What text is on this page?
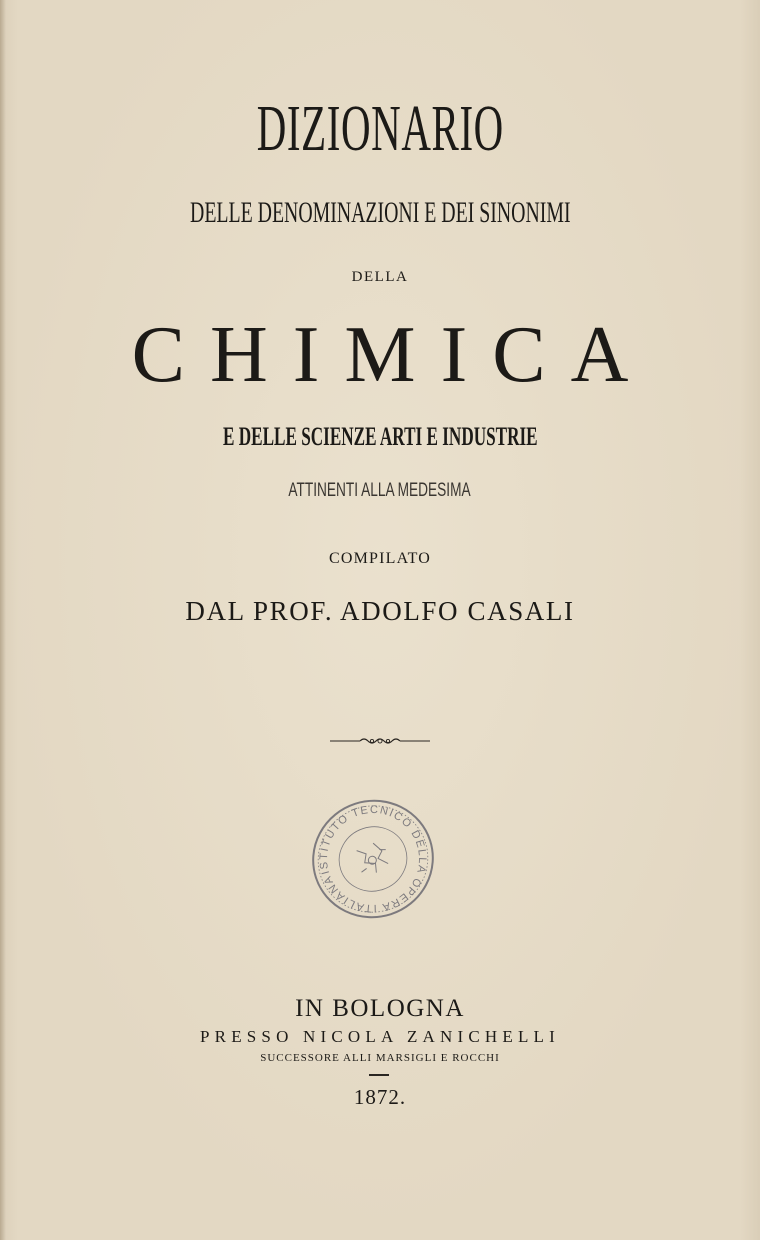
DIZIONARIO
DELLE DENOMINAZIONI E DEI SINONIMI
DELLA
CHIMICA
E DELLE SCIENZE ARTI E INDUSTRIE
ATTINENTI ALLA MEDESIMA
COMPILATO
DAL PROF. ADOLFO CASALI
ISTITUTO TECNICO DELLA OPERA ITALIANA
IN BOLOGNA
PRESSO NICOLA ZANICHELLI
SUCCESSORE ALLI MARSIGLI E ROCCHI
1872.
